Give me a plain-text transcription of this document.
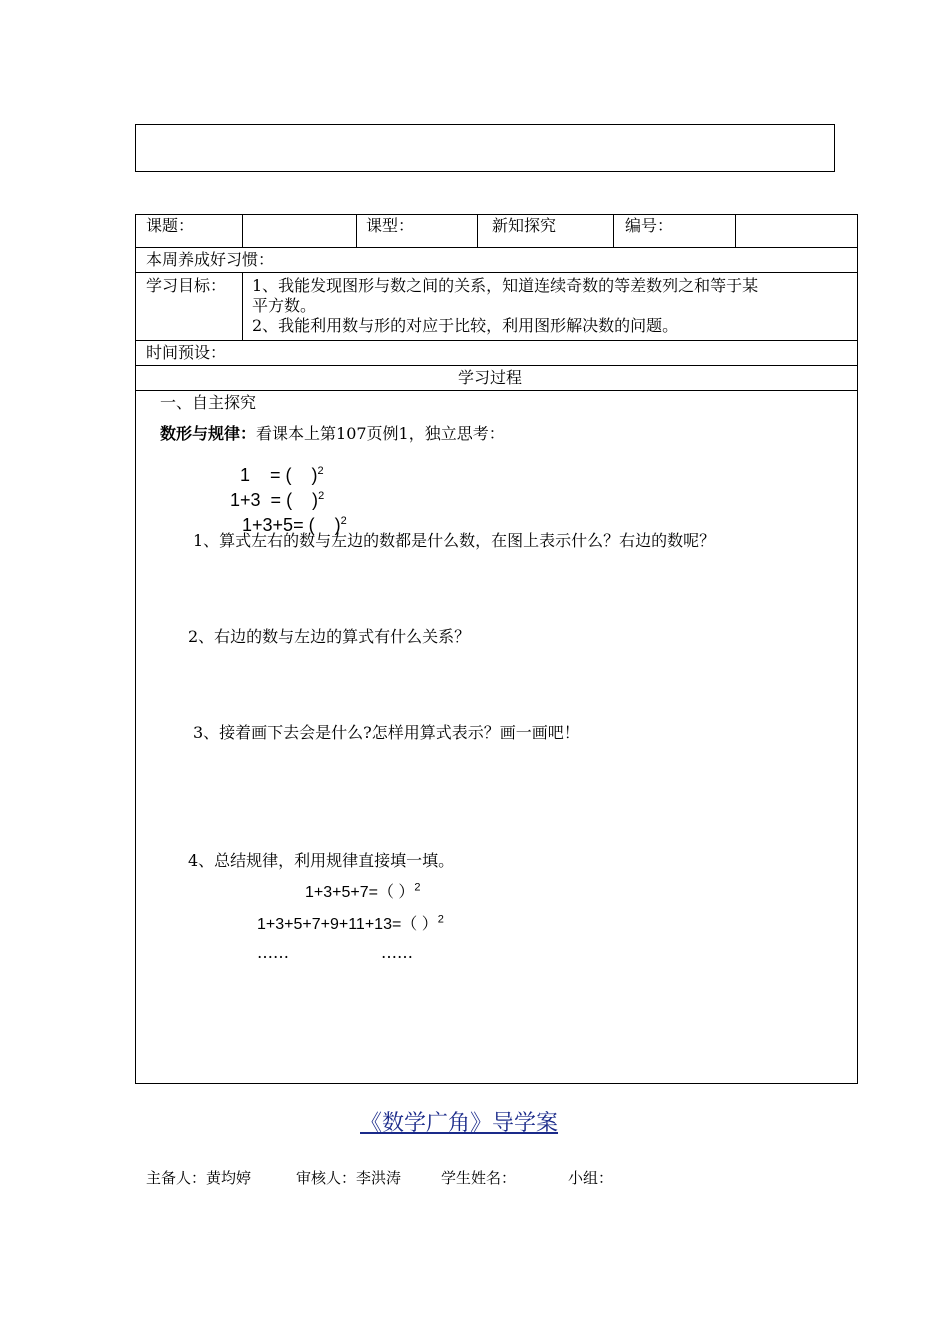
课题：	课型：	新知探究	编号：
本周养成好习惯：
学习目标： 1、我能发现图形与数之间的关系，知道连续奇数的等差数列之和等于某
平方数。
2、我能利用数与形的对应于比较，利用图形解决数的问题。
时间预设：
学习过程
一、自主探究
数形与规律：看课本上第107页例1，独立思考：

1    = (    )$^2$

1+3  = (    )$^2$

1+3+5= (    )$^2$

1、算式左右的数与左边的数都是什么数，在图上表示什么？右边的数呢？
2、右边的数与左边的算式有什么关系？
3、接着画下去会是什么?怎样用算式表示？画一画吧！
4、总结规律，利用规律直接填一填。
1+3+5+7=（ ）$^2$
1+3+5+7+9+11+13=（ ）$^2$
……	……
《数学广角》导学案
主备人：黄均婷	审核人：李洪涛	学生姓名：	小组：
